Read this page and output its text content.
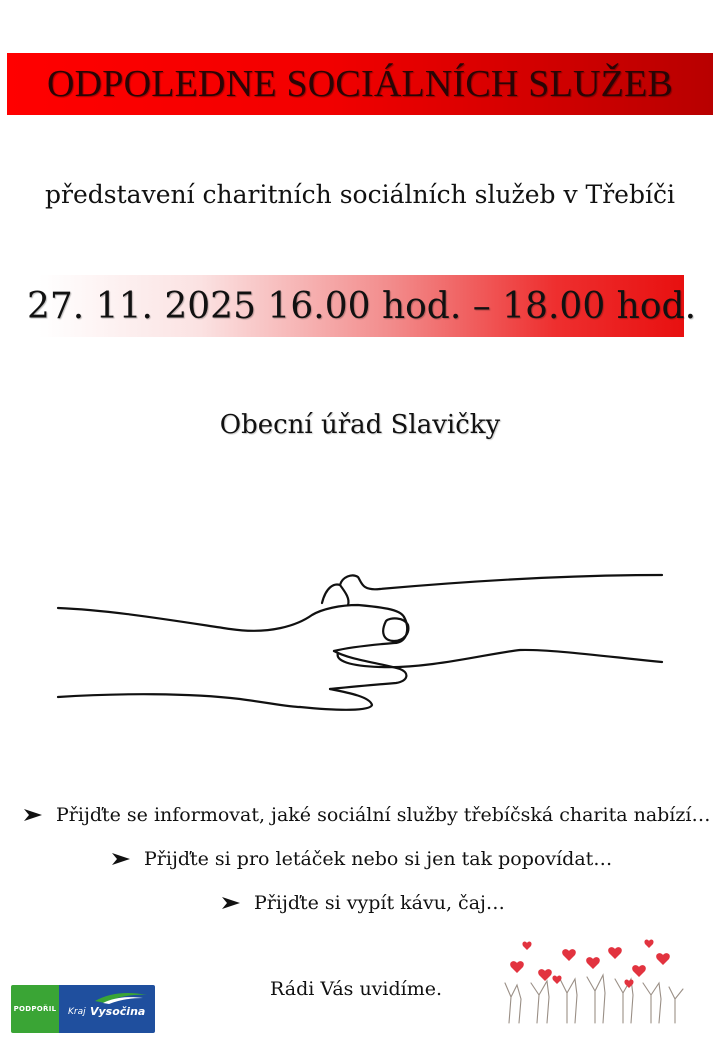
ODPOLEDNE SOCIÁLNÍCH SLUŽEB
představení charitních sociálních služeb v Třebíči
27. 11. 2025 16.00 hod. – 18.00 hod.
Obecní úřad Slavičky
Přijďte se informovat, jaké sociální služby třebíčská charita nabízí…
Přijďte si pro letáček nebo si jen tak popovídat…
Přijďte si vypít kávu, čaj…
Rádi Vás uvidíme.
PODPOŘIL Kraj Vysočina
